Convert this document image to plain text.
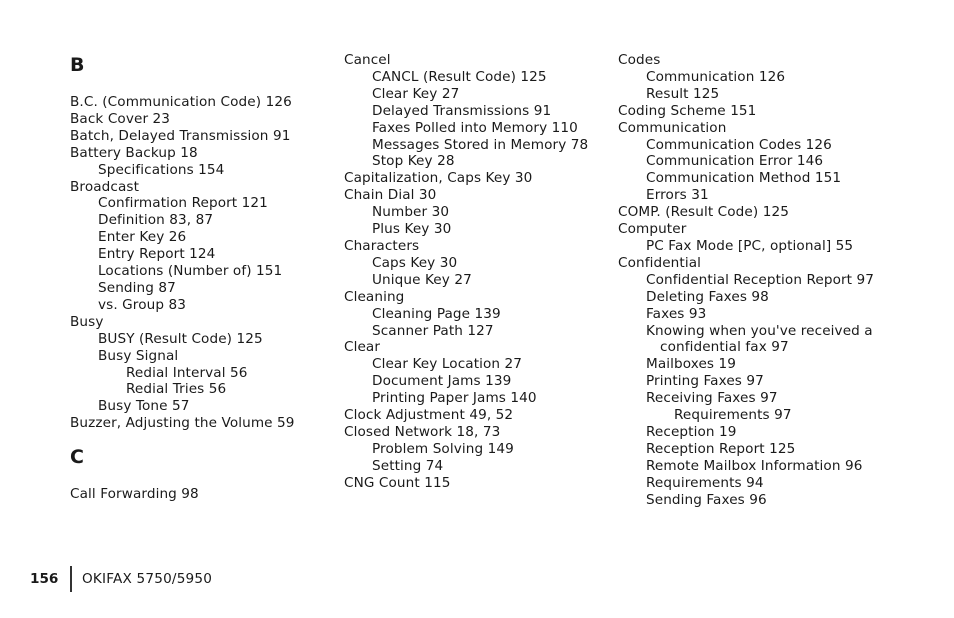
B
B.C. (Communication Code) 126
Back Cover 23
Batch, Delayed Transmission 91
Battery Backup 18
Specifications 154
Broadcast
Confirmation Report 121
Definition 83, 87
Enter Key 26
Entry Report 124
Locations (Number of) 151
Sending 87
vs. Group 83
Busy
BUSY (Result Code) 125
Busy Signal
Redial Interval 56
Redial Tries 56
Busy Tone 57
Buzzer, Adjusting the Volume 59
C
Call Forwarding 98
Cancel
CANCL (Result Code) 125
Clear Key 27
Delayed Transmissions 91
Faxes Polled into Memory 110
Messages Stored in Memory 78
Stop Key 28
Capitalization, Caps Key 30
Chain Dial 30
Number 30
Plus Key 30
Characters
Caps Key 30
Unique Key 27
Cleaning
Cleaning Page 139
Scanner Path 127
Clear
Clear Key Location 27
Document Jams 139
Printing Paper Jams 140
Clock Adjustment 49, 52
Closed Network 18, 73
Problem Solving 149
Setting 74
CNG Count 115
Codes
Communication 126
Result 125
Coding Scheme 151
Communication
Communication Codes 126
Communication Error 146
Communication Method 151
Errors 31
COMP. (Result Code) 125
Computer
PC Fax Mode [PC, optional] 55
Confidential
Confidential Reception Report 97
Deleting Faxes 98
Faxes 93
Knowing when you've received a
confidential fax 97
Mailboxes 19
Printing Faxes 97
Receiving Faxes 97
Requirements 97
Reception 19
Reception Report 125
Remote Mailbox Information 96
Requirements 94
Sending Faxes 96
156 OKIFAX 5750/5950
